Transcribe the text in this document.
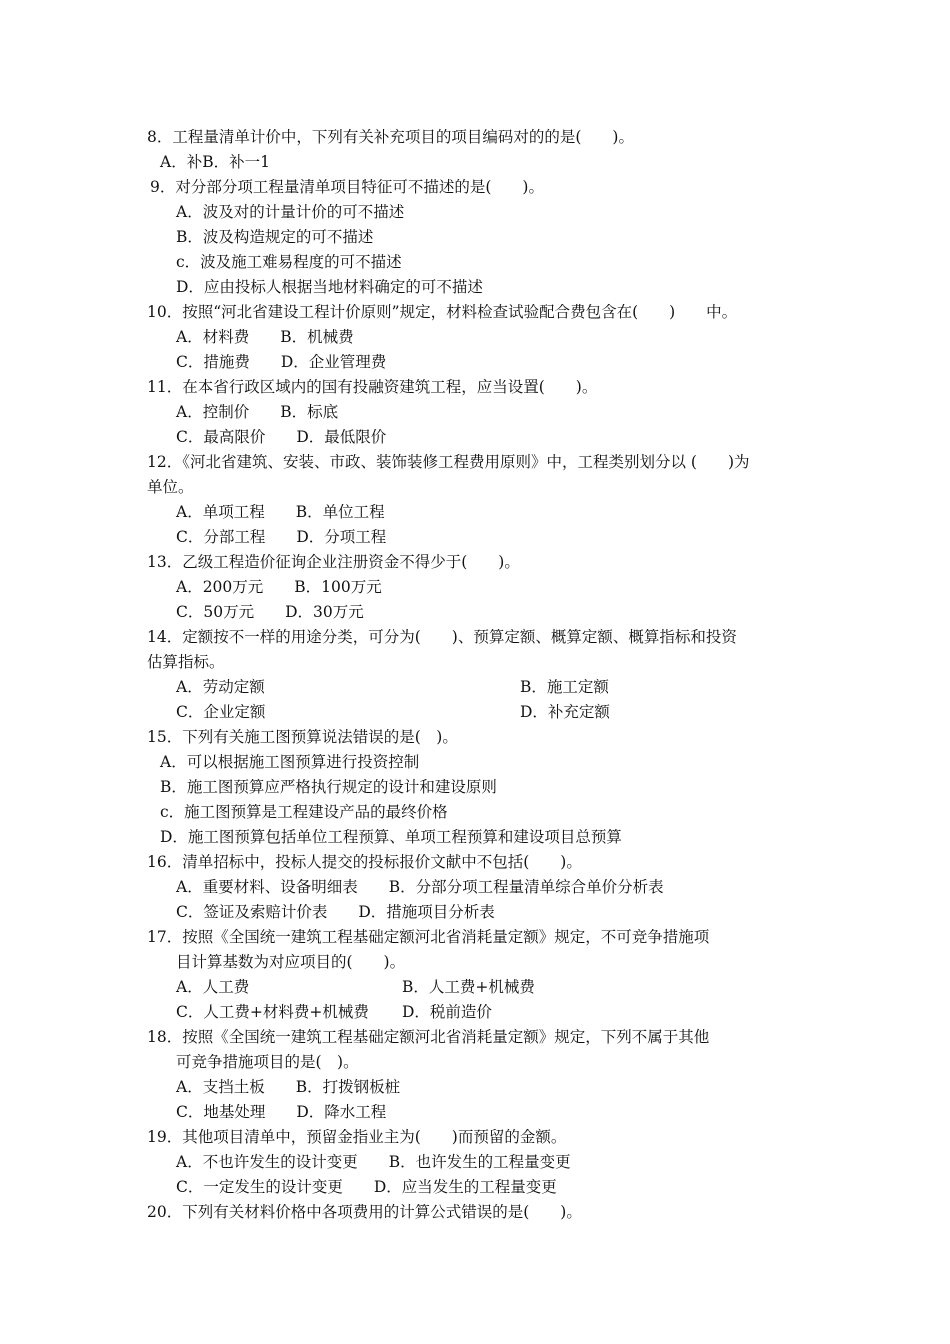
8．工程量清单计价中，下列有关补充项目的项目编码对的的是(　　)。
A．补B．补一1
9．对分部分项工程量清单项目特征可不描述的是(　　)。
A．波及对的计量计价的可不描述
B．波及构造规定的可不描述
c．波及施工难易程度的可不描述
D．应由投标人根据当地材料确定的可不描述
10．按照“河北省建设工程计价原则”规定，材料检查试验配合费包含在(　　)　　中。
A．材料费　　B．机械费
C．措施费　　D．企业管理费
11．在本省行政区域内的国有投融资建筑工程，应当设置(　　)。
A．控制价　　B．标底
C．最高限价　　D．最低限价
12．《河北省建筑、安装、市政、装饰装修工程费用原则》中，工程类别划分以 (　　)为
单位。
A．单项工程　　B．单位工程
C．分部工程　　D．分项工程
13．乙级工程造价征询企业注册资金不得少于(　　)。
A．200万元　　B．100万元
C．50万元　　D．30万元
14．定额按不一样的用途分类，可分为(　　)、预算定额、概算定额、概算指标和投资
估算指标。
A．劳动定额	B．施工定额
C．企业定额	D．补充定额
15．下列有关施工图预算说法错误的是(　)。
A．可以根据施工图预算进行投资控制
B．施工图预算应严格执行规定的设计和建设原则
c．施工图预算是工程建设产品的最终价格
D．施工图预算包括单位工程预算、单项工程预算和建设项目总预算
16．清单招标中，投标人提交的投标报价文献中不包括(　　)。
A．重要材料、设备明细表　　B．分部分项工程量清单综合单价分析表
C．签证及索赔计价表　　D．措施项目分析表
17．按照《全国统一建筑工程基础定额河北省消耗量定额》规定，不可竞争措施项
目计算基数为对应项目的(　　)。
A．人工费	B．人工费+机械费
C．人工费+材料费+机械费 D．税前造价
18．按照《全国统一建筑工程基础定额河北省消耗量定额》规定，下列不属于其他
可竞争措施项目的是(　)。
A．支挡土板　　B．打拨钢板桩
C．地基处理　　D．降水工程
19．其他项目清单中，预留金指业主为(　　)而预留的金额。
A．不也许发生的设计变更　　B．也许发生的工程量变更
C．一定发生的设计变更　　D．应当发生的工程量变更
20．下列有关材料价格中各项费用的计算公式错误的是(　　)。
